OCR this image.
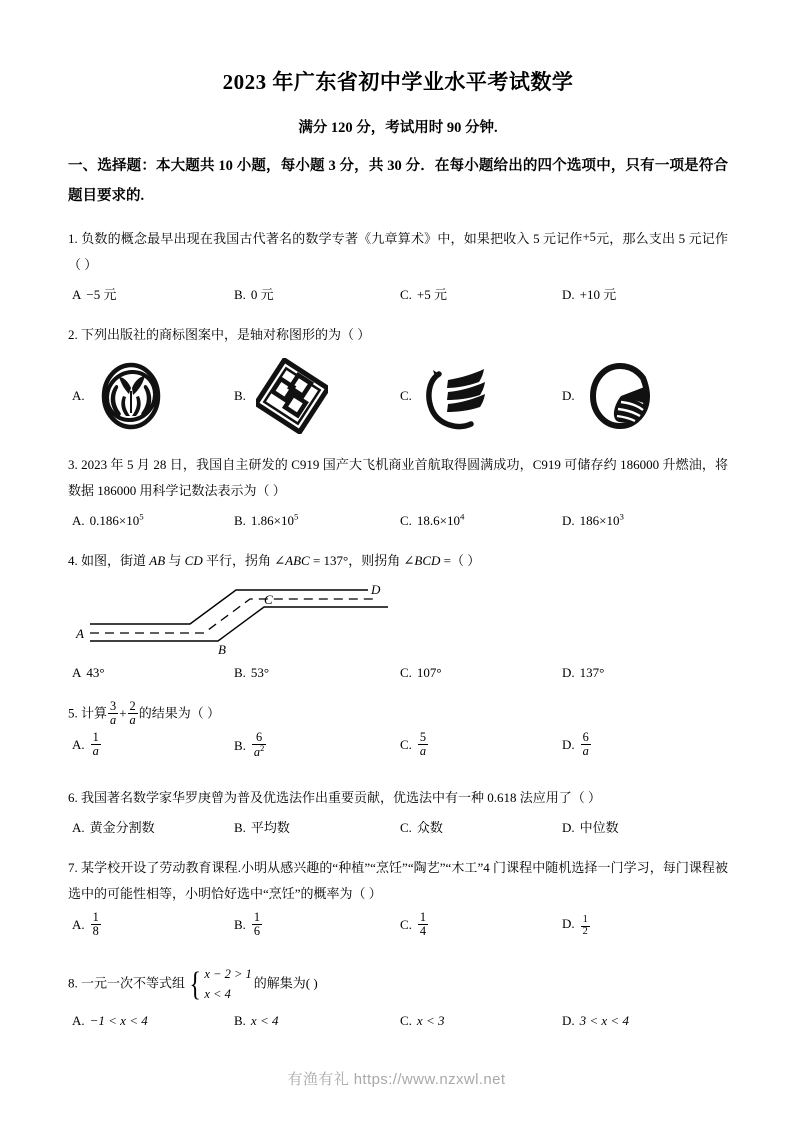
2023 年广东省初中学业水平考试数学
满分 120 分，考试用时 90 分钟.
一、选择题：本大题共 10 小题，每小题 3 分，共 30 分．在每小题给出的四个选项中，只有一项是符合题目要求的.
1. 负数的概念最早出现在我国古代著名的数学专著《九章算术》中，如果把收入 5 元记作+5元，那么支出 5 元记作（ ）
A −5 元	B. 0 元	C. +5 元	D. +10 元
2. 下列出版社的商标图案中，是轴对称图形的为（ ）
A.	B.	C.	D.
3. 2023 年 5 月 28 日，我国自主研发的 C919 国产大飞机商业首航取得圆满成功，C919 可储存约 186000 升燃油，将数据 186000 用科学记数法表示为（ ）
A. $0.186\times 10^5$	B. $1.86\times 10^5$	C. $18.6\times 10^4$	D. $186\times 10^3$
4. 如图，街道 AB 与 CD 平行，拐角 ∠ABC = 137°，则拐角 ∠BCD =（ ）
A
B
C
D
A 43°	B. 53°	C. 107°	D. 137°
5. 计算 $\frac{3}{a} + \frac{2}{a}$ 的结果为（ ）
A. $\frac{1}{a}$	B. $\frac{6}{a^2}$	C. $\frac{5}{a}$	D. $\frac{6}{a}$
6. 我国著名数学家华罗庚曾为普及优选法作出重要贡献，优选法中有一种 0.618 法应用了（ ）
A. 黄金分割数	B. 平均数	C. 众数	D. 中位数
7. 某学校开设了劳动教育课程.小明从感兴趣的“种植”“烹饪”“陶艺”“木工”4 门课程中随机选择一门学习，每门课程被选中的可能性相等，小明恰好选中“烹饪”的概率为（ ）
A. $\frac{1}{8}$	B. $\frac{1}{6}$	C. $\frac{1}{4}$	D. $\frac{1}{2}$
8. 一元一次不等式组 { x − 2 > 1
x < 4
的解集为( )
A. −1 < x < 4	B. x < 4	C. x < 3	D. 3 < x < 4
有渔有礼 https://www.nzxwl.net
